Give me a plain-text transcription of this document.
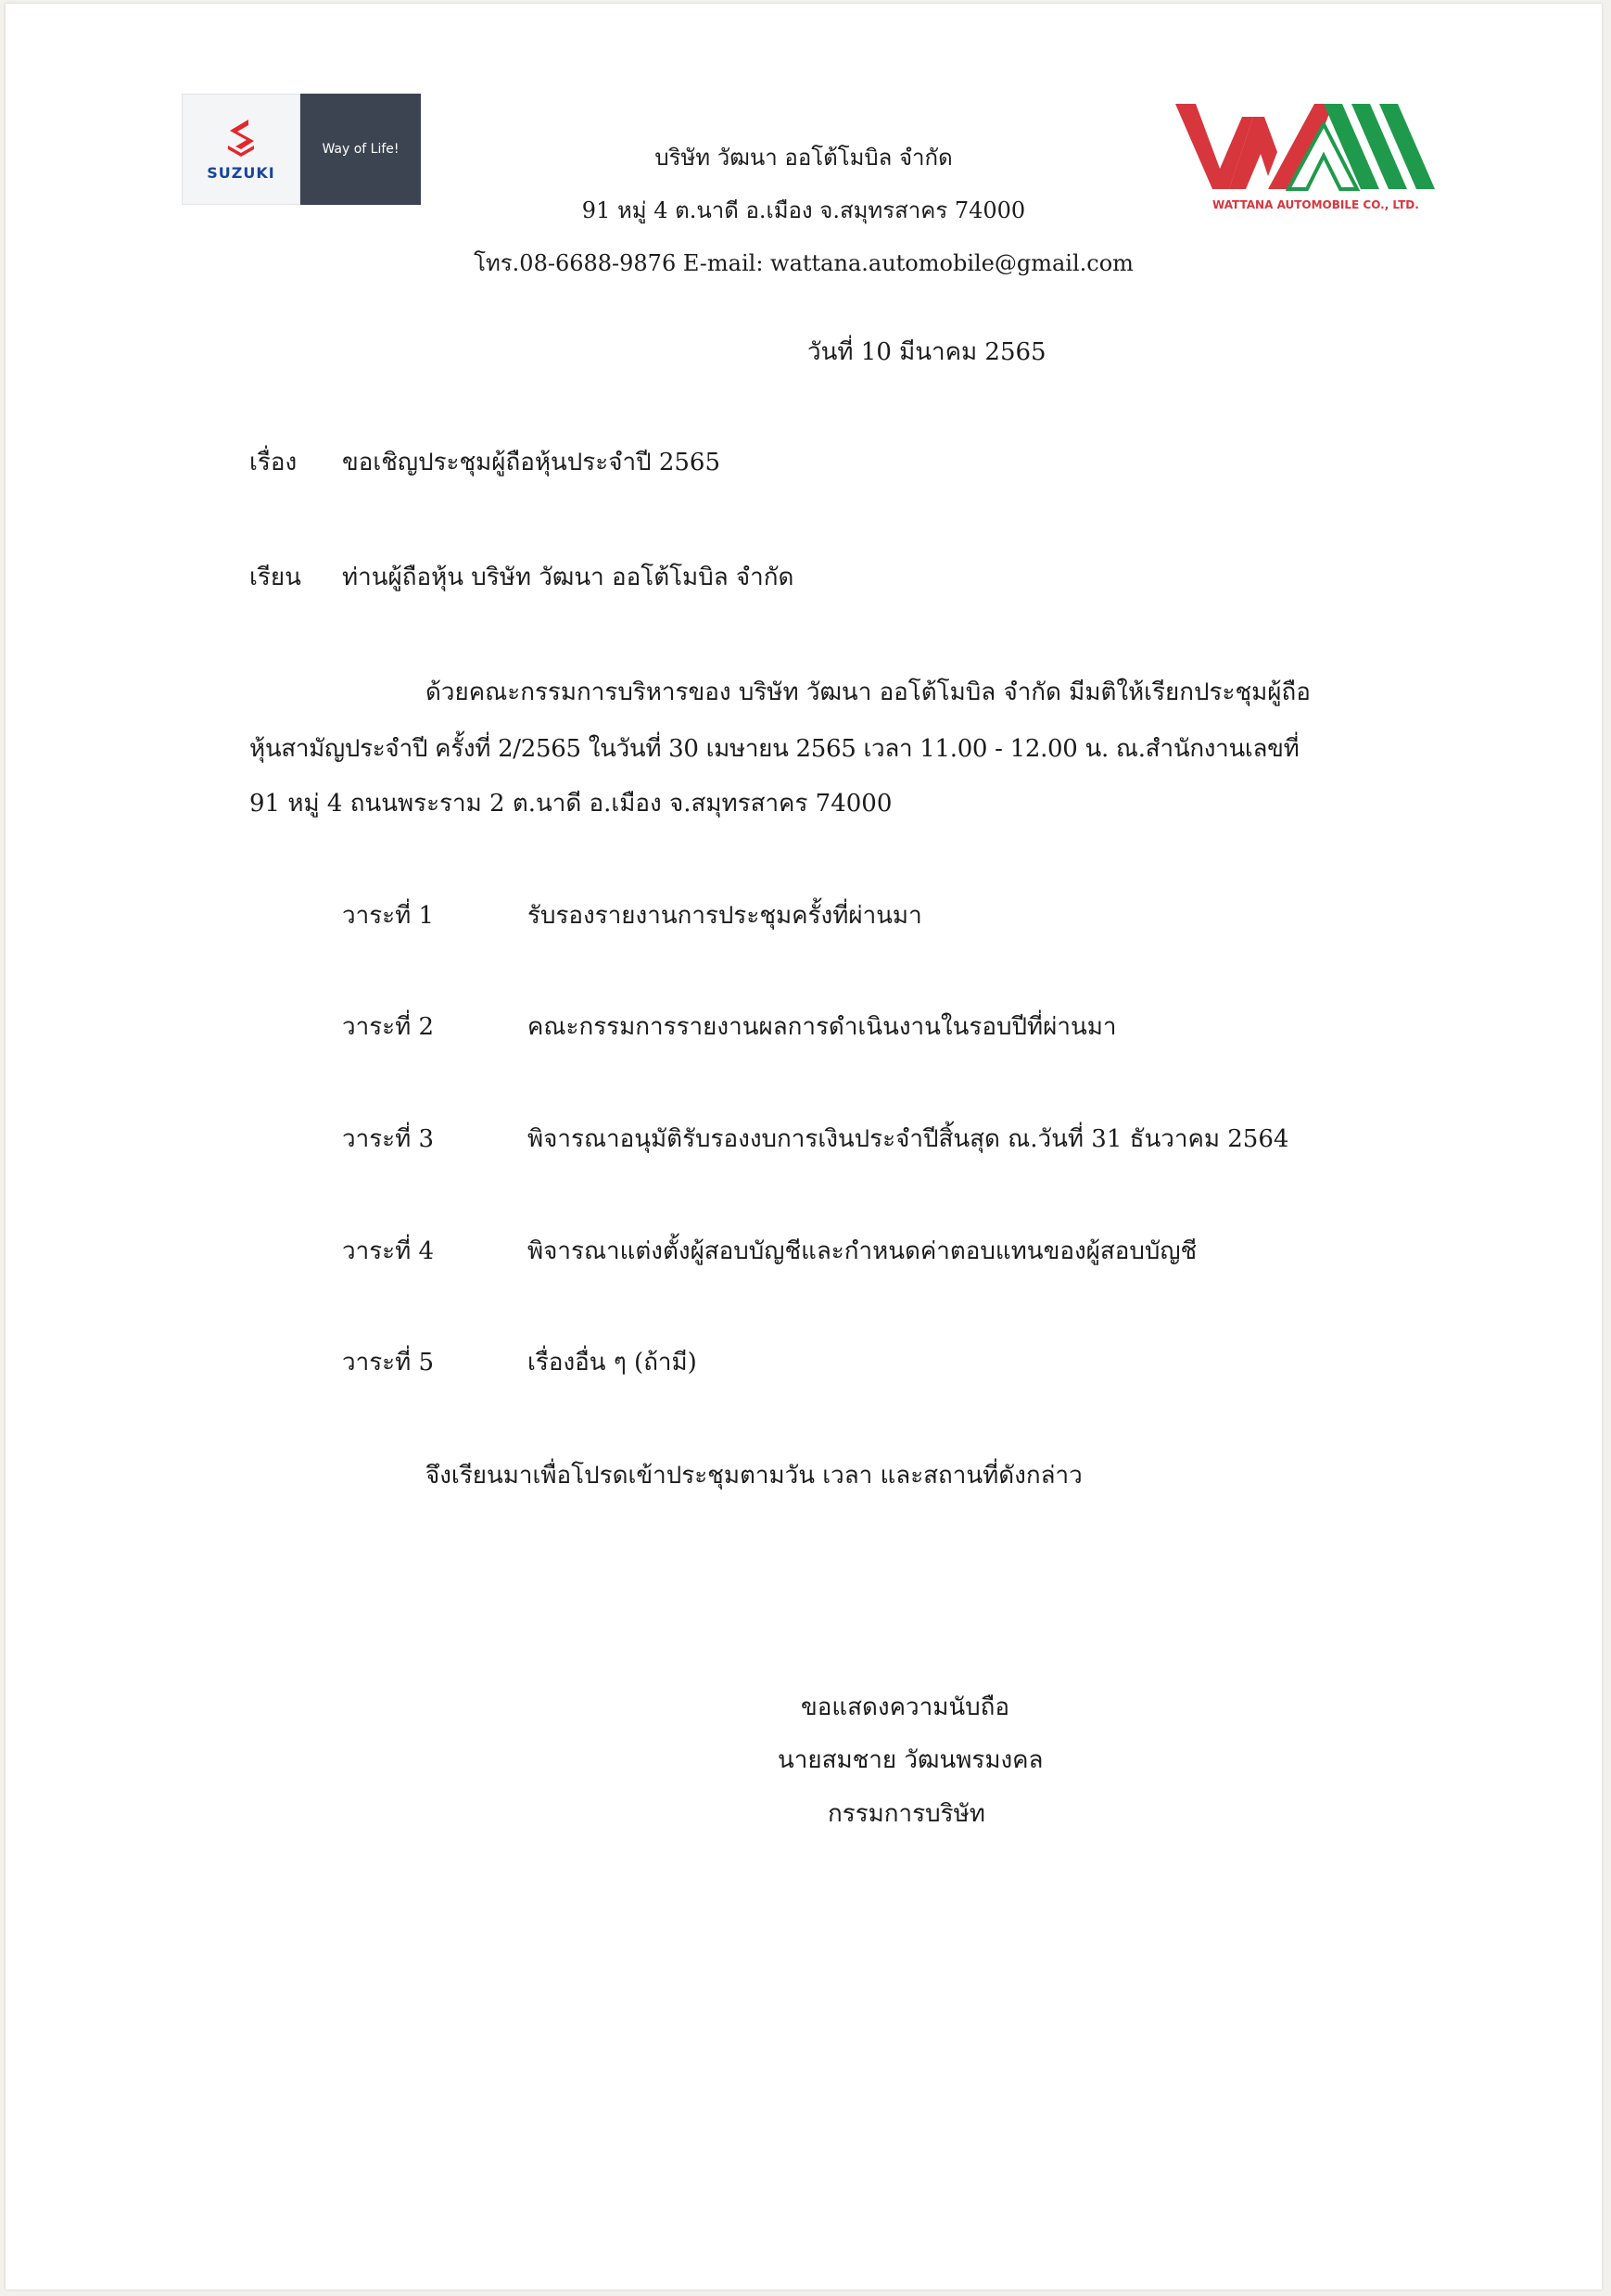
SUZUKI
Way of Life!
WATTANA AUTOMOBILE CO., LTD.
บริษัท วัฒนา ออโต้โมบิล จำกัด
91 หมู่ 4 ต.นาดี อ.เมือง จ.สมุทรสาคร 74000
โทร.08-6688-9876 E-mail: wattana.automobile@gmail.com
วันที่ 10 มีนาคม 2565
เรื่อง ขอเชิญประชุมผู้ถือหุ้นประจำปี 2565
เรียน ท่านผู้ถือหุ้น บริษัท วัฒนา ออโต้โมบิล จำกัด
ด้วยคณะกรรมการบริหารของ บริษัท วัฒนา ออโต้โมบิล จำกัด มีมติให้เรียกประชุมผู้ถือ
หุ้นสามัญประจำปี ครั้งที่ 2/2565 ในวันที่ 30 เมษายน 2565 เวลา 11.00 - 12.00 น. ณ.สำนักงานเลขที่
91 หมู่ 4 ถนนพระราม 2 ต.นาดี อ.เมือง จ.สมุทรสาคร 74000
วาระที่ 1	รับรองรายงานการประชุมครั้งที่ผ่านมา
วาระที่ 2	คณะกรรมการรายงานผลการดำเนินงานในรอบปีที่ผ่านมา
วาระที่ 3	พิจารณาอนุมัติรับรองงบการเงินประจำปีสิ้นสุด ณ.วันที่ 31 ธันวาคม 2564
วาระที่ 4	พิจารณาแต่งตั้งผู้สอบบัญชีและกำหนดค่าตอบแทนของผู้สอบบัญชี
วาระที่ 5	เรื่องอื่น ๆ (ถ้ามี)
จึงเรียนมาเพื่อโปรดเข้าประชุมตามวัน เวลา และสถานที่ดังกล่าว
ขอแสดงความนับถือ
นายสมชาย วัฒนพรมงคล
กรรมการบริษัท
